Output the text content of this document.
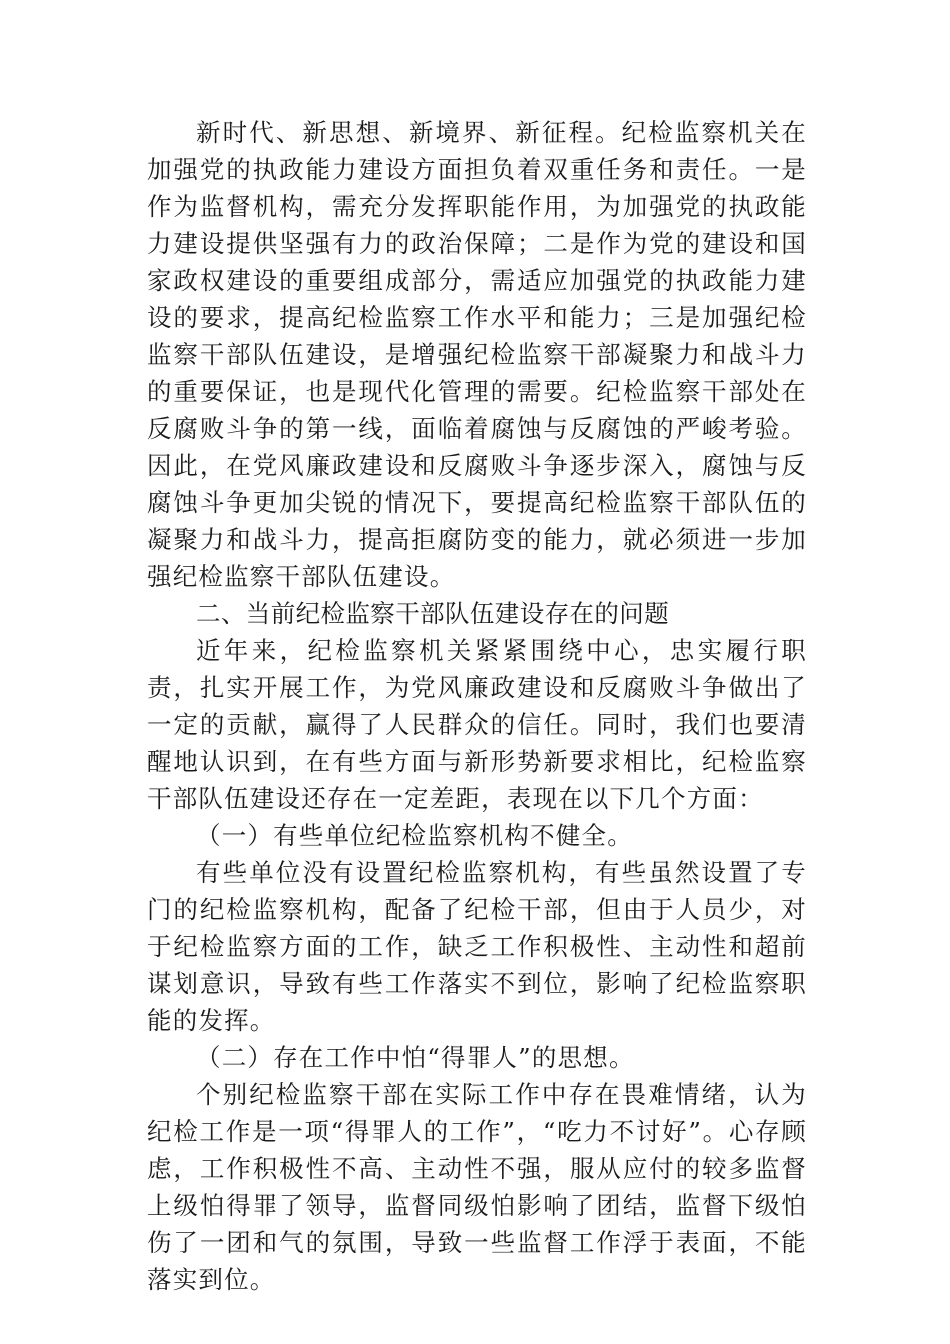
新时代、新思想、新境界、新征程。纪检监察机关在加强党的执政能力建设方面担负着双重任务和责任。一是作为监督机构，需充分发挥职能作用，为加强党的执政能力建设提供坚强有力的政治保障；二是作为党的建设和国家政权建设的重要组成部分，需适应加强党的执政能力建设的要求，提高纪检监察工作水平和能力；三是加强纪检监察干部队伍建设，是增强纪检监察干部凝聚力和战斗力的重要保证，也是现代化管理的需要。纪检监察干部处在反腐败斗争的第一线，面临着腐蚀与反腐蚀的严峻考验。因此，在党风廉政建设和反腐败斗争逐步深入，腐蚀与反腐蚀斗争更加尖锐的情况下，要提高纪检监察干部队伍的凝聚力和战斗力，提高拒腐防变的能力，就必须进一步加强纪检监察干部队伍建设。

二、当前纪检监察干部队伍建设存在的问题

近年来，纪检监察机关紧紧围绕中心，忠实履行职责，扎实开展工作，为党风廉政建设和反腐败斗争做出了一定的贡献，赢得了人民群众的信任。同时，我们也要清醒地认识到，在有些方面与新形势新要求相比，纪检监察干部队伍建设还存在一定差距，表现在以下几个方面：

（一）有些单位纪检监察机构不健全。

有些单位没有设置纪检监察机构，有些虽然设置了专门的纪检监察机构，配备了纪检干部，但由于人员少，对于纪检监察方面的工作，缺乏工作积极性、主动性和超前谋划意识，导致有些工作落实不到位，影响了纪检监察职能的发挥。

（二）存在工作中怕“得罪人”的思想。

个别纪检监察干部在实际工作中存在畏难情绪，认为纪检工作是一项“得罪人的工作”，“吃力不讨好”。心存顾虑，工作积极性不高、主动性不强，服从应付的较多监督上级怕得罪了领导，监督同级怕影响了团结，监督下级怕伤了一团和气的氛围，导致一些监督工作浮于表面，不能落实到位。
